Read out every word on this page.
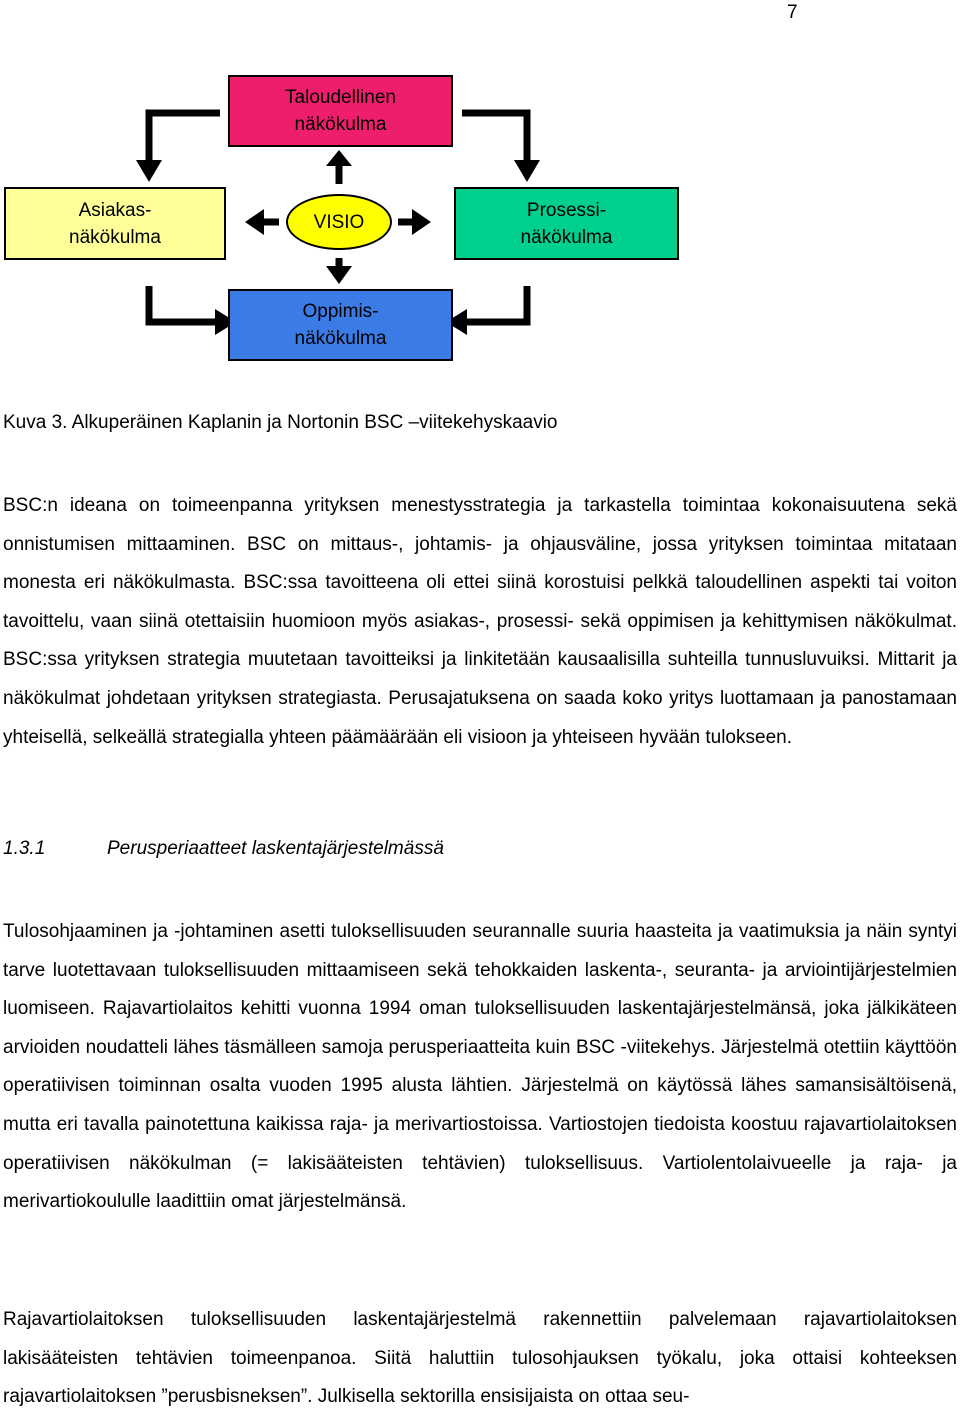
7
Taloudellinen
näkökulma
Asiakas-
näkökulma
VISIO
Prosessi-
näkökulma
Oppimis-
näkökulma
Kuva 3. Alkuperäinen Kaplanin ja Nortonin BSC –viitekehyskaavio

BSC:n ideana on toimeenpanna yrityksen menestysstrategia ja tarkastella toimintaa kokonaisuutena sekä onnistumisen mittaaminen. BSC on mittaus-, johtamis- ja ohjausväline, jossa yrityksen toimintaa mitataan monesta eri näkökulmasta. BSC:ssa tavoitteena oli ettei siinä korostuisi pelkkä taloudellinen aspekti tai voiton tavoittelu, vaan siinä otettaisiin huomioon myös asiakas-, prosessi- sekä oppimisen ja kehittymisen näkökulmat. BSC:ssa yrityksen strategia muutetaan tavoitteiksi ja linkitetään kausaalisilla suhteilla tunnusluvuiksi. Mittarit ja näkökulmat johdetaan yrityksen strategiasta. Perusajatuksena on saada koko yritys luottamaan ja panostamaan yhteisellä, selkeällä strategialla yhteen päämäärään eli visioon ja yhteiseen hyvään tulokseen.

1.3.1	Perusperiaatteet laskentajärjestelmässä

Tulosohjaaminen ja -johtaminen asetti tuloksellisuuden seurannalle suuria haasteita ja vaatimuksia ja näin syntyi tarve luotettavaan tuloksellisuuden mittaamiseen sekä tehokkaiden laskenta-, seuranta- ja arviointijärjestelmien luomiseen. Rajavartiolaitos kehitti vuonna 1994 oman tuloksellisuuden laskentajärjestelmänsä, joka jälkikäteen arvioiden noudatteli lähes täsmälleen samoja perusperiaatteita kuin BSC -viitekehys. Järjestelmä otettiin käyttöön operatiivisen toiminnan osalta vuoden 1995 alusta lähtien. Järjestelmä on käytössä lähes samansisältöisenä, mutta eri tavalla painotettuna kaikissa raja- ja merivartiostoissa. Vartiostojen tiedoista koostuu rajavartiolaitoksen operatiivisen näkökulman (= lakisääteisten tehtävien) tuloksellisuus. Vartiolentolaivueelle ja raja- ja merivartiokoululle laadittiin omat järjestelmänsä.

Rajavartiolaitoksen tuloksellisuuden laskentajärjestelmä rakennettiin palvelemaan rajavartiolaitoksen lakisääteisten tehtävien toimeenpanoa. Siitä haluttiin tulosohjauksen työkalu, joka ottaisi kohteeksen rajavartiolaitoksen ”perusbisneksen”. Julkisella sektorilla ensisijaista on ottaa seu-
